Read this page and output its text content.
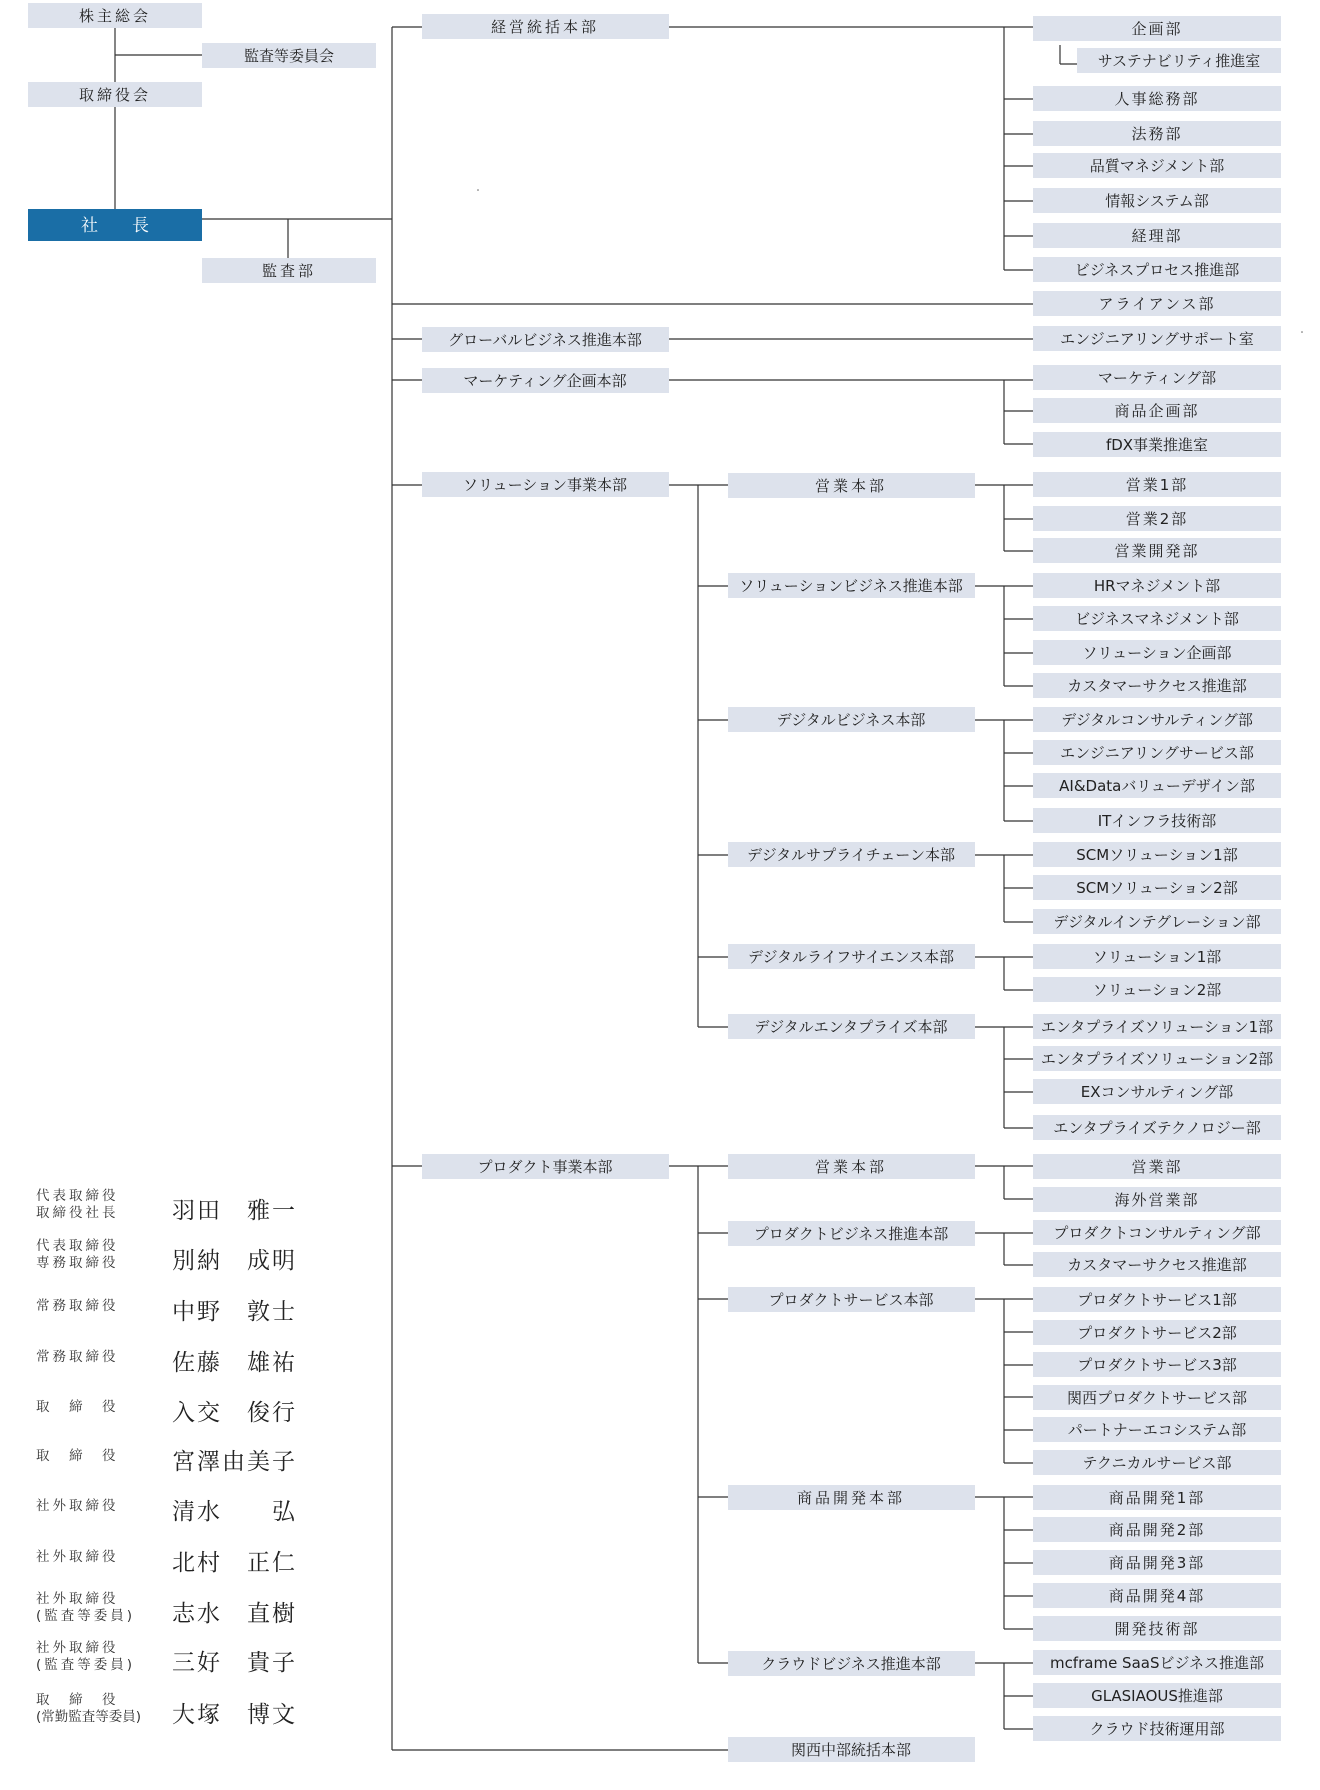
株主総会
監査等委員会
取締役会
社　　長
監査部
経営統括本部
グローバルビジネス推進本部
マーケティング企画本部
ソリューション事業本部
プロダクト事業本部
関西中部統括本部
営業本部
ソリューションビジネス推進本部
デジタルビジネス本部
デジタルサプライチェーン本部
デジタルライフサイエンス本部
デジタルエンタプライズ本部
営業本部
プロダクトビジネス推進本部
プロダクトサービス本部
商品開発本部
クラウドビジネス推進本部
企画部
サステナビリティ推進室
人事総務部
法務部
品質マネジメント部
情報システム部
経理部
ビジネスプロセス推進部
アライアンス部
エンジニアリングサポート室
マーケティング部
商品企画部
fDX事業推進室
営業1部
営業2部
営業開発部
HRマネジメント部
ビジネスマネジメント部
ソリューション企画部
カスタマーサクセス推進部
デジタルコンサルティング部
エンジニアリングサービス部
AI&Dataバリューデザイン部
ITインフラ技術部
SCMソリューション1部
SCMソリューション2部
デジタルインテグレーション部
ソリューション1部
ソリューション2部
エンタプライズソリューション1部
エンタプライズソリューション2部
EXコンサルティング部
エンタプライズテクノロジー部
営業部
海外営業部
プロダクトコンサルティング部
カスタマーサクセス推進部
プロダクトサービス1部
プロダクトサービス2部
プロダクトサービス3部
関西プロダクトサービス部
パートナーエコシステム部
テクニカルサービス部
商品開発1部
商品開発2部
商品開発3部
商品開発4部
開発技術部
mcframe SaaSビジネス推進部
GLASIAOUS推進部
クラウド技術運用部
代表取締役
取締役社長 羽田　雅一
代表取締役
専務取締役 別納　成明
常務取締役 中野　敦士
常務取締役 佐藤　雄祐
取　締　役 入交　俊行
取　締　役 宮澤由美子
社外取締役 清水　　弘
社外取締役 北村　正仁
社外取締役
(監査等委員) 志水　直樹
社外取締役
(監査等委員) 三好　貴子
取　締　役
(常勤監査等委員) 大塚　博文
